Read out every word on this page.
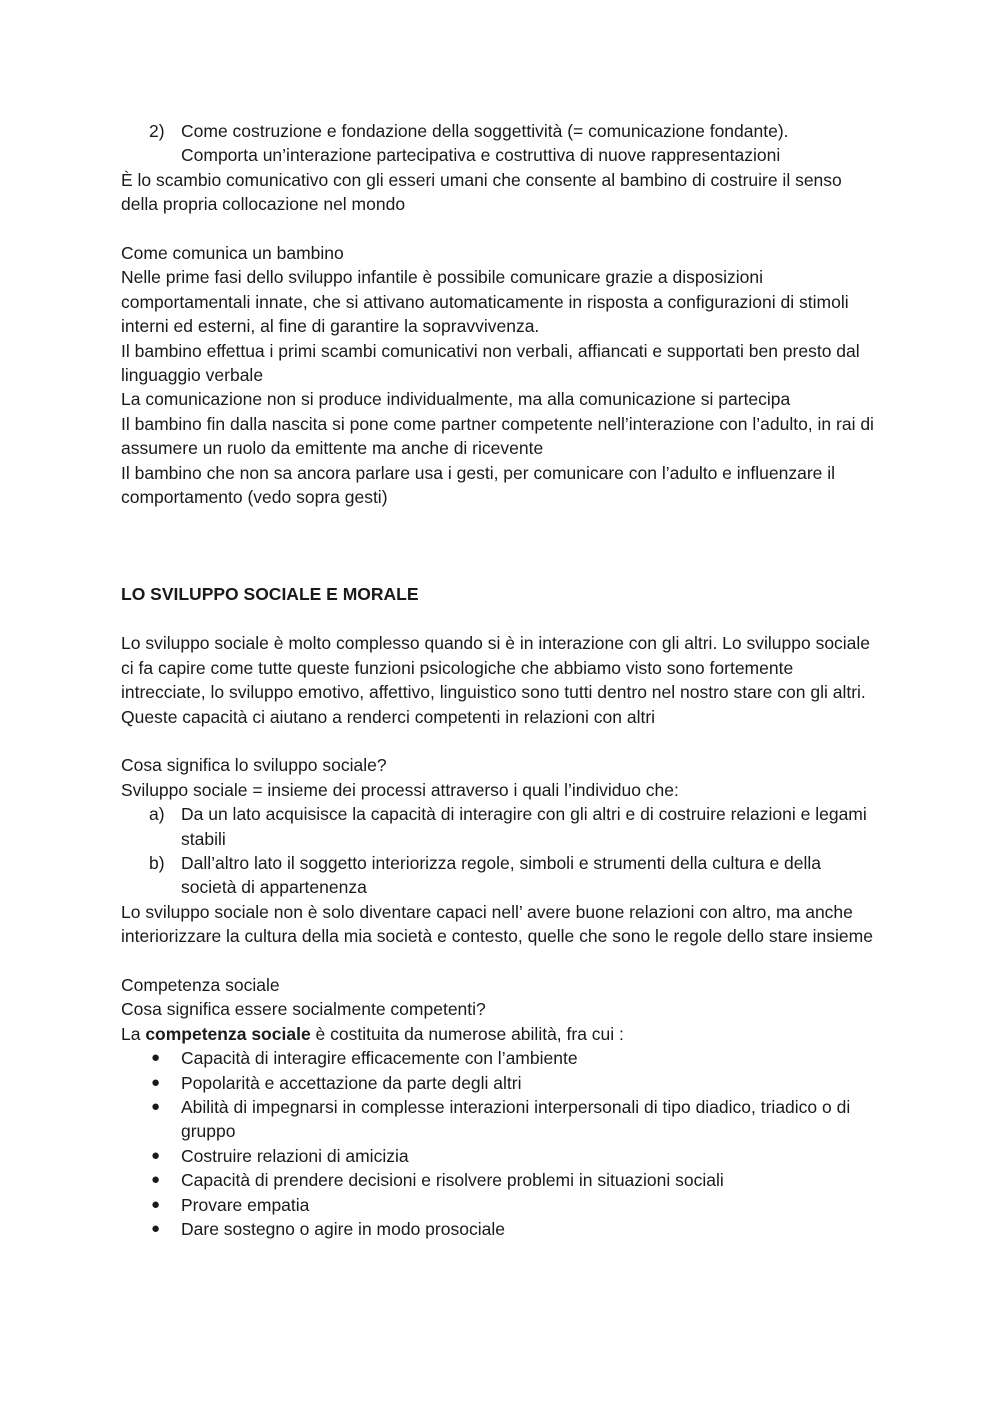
2) Come costruzione e fondazione della soggettività (= comunicazione fondante).
Comporta un’interazione partecipativa e costruttiva di nuove rappresentazioni

È lo scambio comunicativo con gli esseri umani che consente al bambino di costruire il senso della propria collocazione nel mondo

Come comunica un bambino

Nelle prime fasi dello sviluppo infantile è possibile comunicare grazie a disposizioni comportamentali innate, che si attivano automaticamente in risposta a configurazioni di stimoli interni ed esterni, al fine di garantire la sopravvivenza.

Il bambino effettua i primi scambi comunicativi non verbali, affiancati e supportati ben presto dal linguaggio verbale

La comunicazione non si produce individualmente, ma alla comunicazione si partecipa

Il bambino fin dalla nascita si pone come partner competente nell’interazione con l’adulto, in rai di assumere un ruolo da emittente ma anche di ricevente

Il bambino che non sa ancora parlare usa i gesti, per comunicare con l’adulto e influenzare il comportamento (vedo sopra gesti)

LO SVILUPPO SOCIALE E MORALE

Lo sviluppo sociale è molto complesso quando si è in interazione con gli altri. Lo sviluppo sociale ci fa capire come tutte queste funzioni psicologiche che abbiamo visto sono fortemente intrecciate, lo sviluppo emotivo, affettivo, linguistico sono tutti dentro nel nostro stare con gli altri. Queste capacità ci aiutano a renderci competenti in relazioni con altri

Cosa significa lo sviluppo sociale?

Sviluppo sociale = insieme dei processi attraverso i quali l’individuo che:

a) Da un lato acquisisce la capacità di interagire con gli altri e di costruire relazioni e legami stabili

b) Dall’altro lato il soggetto interiorizza regole, simboli e strumenti della cultura e della società di appartenenza

Lo sviluppo sociale non è solo diventare capaci nell’ avere buone relazioni con altro, ma anche interiorizzare la cultura della mia società e contesto, quelle che sono le regole dello stare insieme

Competenza sociale

Cosa significa essere socialmente competenti?

La competenza sociale è costituita da numerose abilità, fra cui :

● Capacità di interagire efficacemente con l’ambiente

● Popolarità e accettazione da parte degli altri

● Abilità di impegnarsi in complesse interazioni interpersonali di tipo diadico, triadico o di gruppo

● Costruire relazioni di amicizia

● Capacità di prendere decisioni e risolvere problemi in situazioni sociali

● Provare empatia

● Dare sostegno o agire in modo prosociale
